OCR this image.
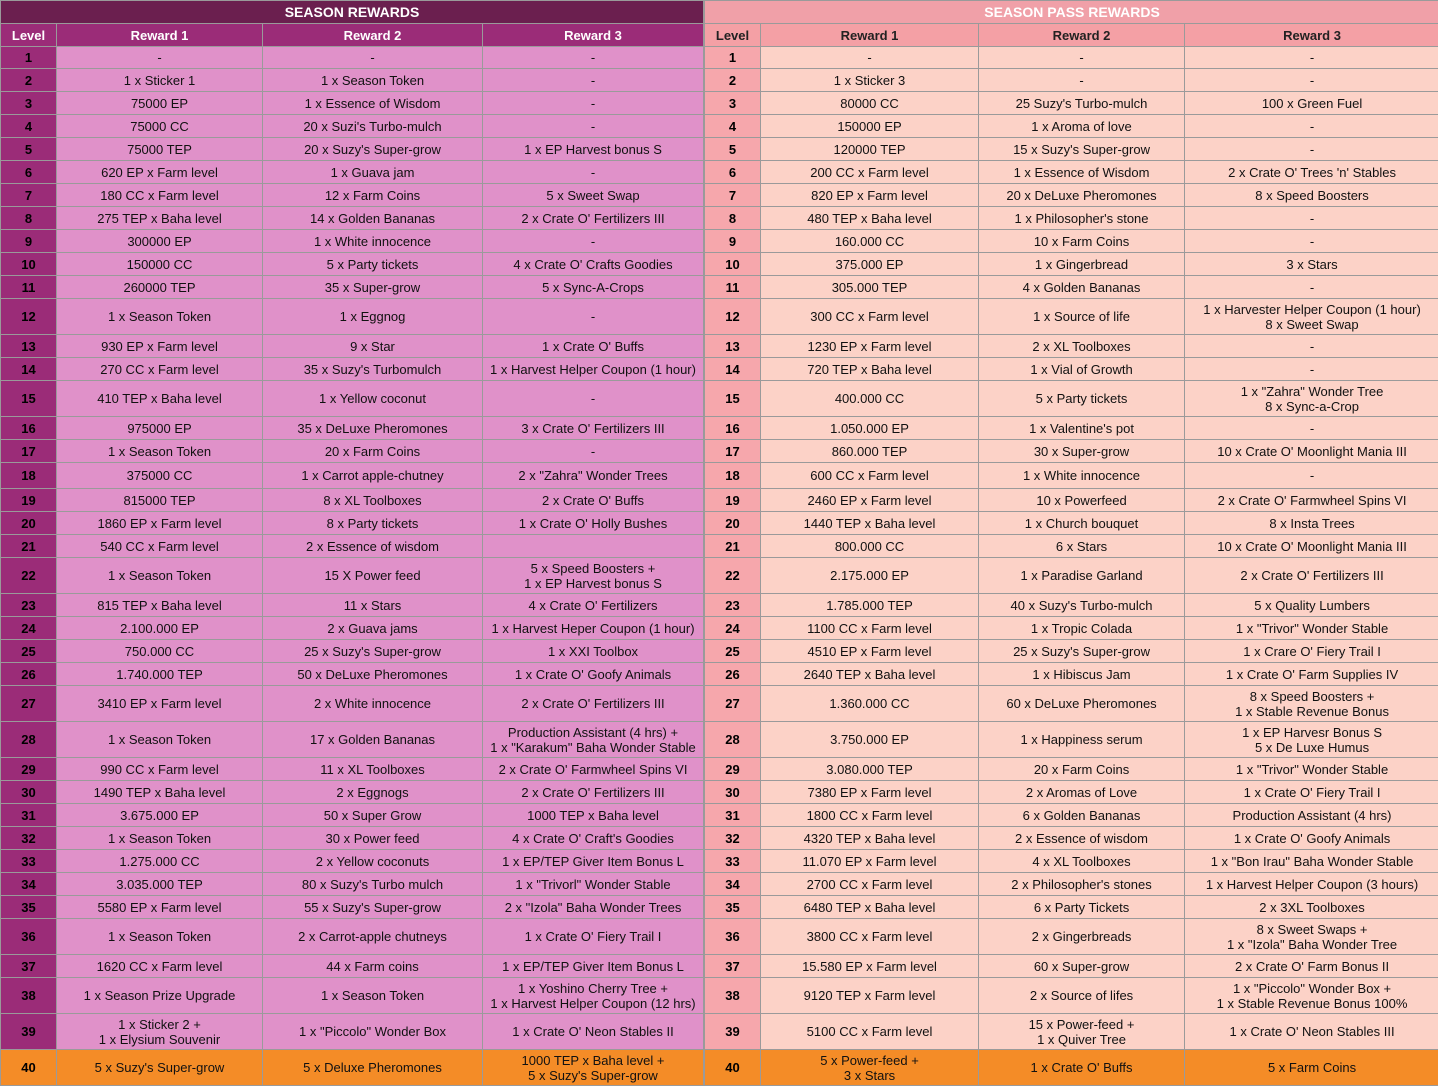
SEASON REWARDS			
Level	Reward 1	Reward 2	Reward 3
1	-	-	-
2	1 x Sticker 1	1 x Season Token	-
3	75000 EP	1 x Essence of Wisdom	-
4	75000 CC	20 x Suzi's Turbo-mulch	-
5	75000 TEP	20 x Suzy's Super-grow	1 x EP Harvest bonus S
6	620 EP x Farm level	1 x Guava jam	-
7	180 CC x Farm level	12 x Farm Coins	5 x Sweet Swap
8	275 TEP x Baha level	14 x Golden Bananas	2 x Crate O' Fertilizers III
9	300000 EP	1 x White innocence	-
10	150000 CC	5 x Party tickets	4 x Crate O' Crafts Goodies
11	260000 TEP	35 x Super-grow	5 x Sync-A-Crops
12	1 x Season Token	1 x Eggnog	-
13	930 EP x Farm level	9 x Star	1 x Crate O' Buffs
14	270 CC x Farm level	35 x Suzy's Turbomulch	1 x Harvest Helper Coupon (1 hour)
15	410 TEP x Baha level	1 x Yellow coconut	-
16	975000 EP	35 x DeLuxe Pheromones	3 x Crate O' Fertilizers III
17	1 x Season Token	20 x Farm Coins	-
18	375000 CC	1 x Carrot apple-chutney	2 x "Zahra" Wonder Trees
19	815000 TEP	8 x XL Toolboxes	2 x Crate O' Buffs
20	1860 EP x Farm level	8 x Party tickets	1 x Crate O' Holly Bushes
21	540 CC x Farm level	2 x Essence of wisdom	
22	1 x Season Token	15 X Power feed	5 x Speed Boosters +
1 x EP Harvest bonus S
23	815 TEP x Baha level	11 x Stars	4 x Crate O' Fertilizers
24	2.100.000 EP	2 x Guava jams	1 x Harvest Heper Coupon (1 hour)
25	750.000 CC	25 x Suzy's Super-grow	1 x XXI Toolbox
26	1.740.000 TEP	50 x DeLuxe Pheromones	1 x Crate O' Goofy Animals
27	3410 EP x Farm level	2 x White innocence	2 x Crate O' Fertilizers III
28	1 x Season Token	17 x Golden Bananas	Production Assistant (4 hrs) +
1 x "Karakum" Baha Wonder Stable
29	990 CC x Farm level	11 x XL Toolboxes	2 x Crate O' Farmwheel Spins VI
30	1490 TEP x Baha level	2 x Eggnogs	2 x Crate O' Fertilizers III
31	3.675.000 EP	50 x Super Grow	1000 TEP x Baha level
32	1 x Season Token	30 x Power feed	4 x Crate O' Craft's Goodies
33	1.275.000 CC	2 x Yellow coconuts	1 x EP/TEP Giver Item Bonus L
34	3.035.000 TEP	80 x Suzy's Turbo mulch	1 x "Trivorl" Wonder Stable
35	5580 EP x Farm level	55 x Suzy's Super-grow	2 x "Izola" Baha Wonder Trees
36	1 x Season Token	2 x Carrot-apple chutneys	1 x Crate O' Fiery Trail I
37	1620 CC x Farm level	44 x Farm coins	1 x EP/TEP Giver Item Bonus L
38	1 x Season Prize Upgrade	1 x Season Token	1 x Yoshino Cherry Tree +
1 x Harvest Helper Coupon (12 hrs)
39	1 x Sticker 2 +
1 x Elysium Souvenir	1 x "Piccolo" Wonder Box	1 x Crate O' Neon Stables II
40	5 x Suzy's Super-grow	5 x Deluxe Pheromones	1000 TEP x Baha level +
5 x Suzy's Super-grow
SEASON PASS REWARDS			
Level	Reward 1	Reward 2	Reward 3
1	-	-	-
2	1 x Sticker 3	-	-
3	80000 CC	25 Suzy's Turbo-mulch	100 x Green Fuel
4	150000 EP	1 x Aroma of love	-
5	120000 TEP	15 x Suzy's Super-grow	-
6	200 CC x Farm level	1 x Essence of Wisdom	2 x Crate O' Trees 'n' Stables
7	820 EP x Farm level	20 x DeLuxe Pheromones	8 x Speed Boosters
8	480 TEP x Baha level	1 x Philosopher's stone	-
9	160.000 CC	10 x Farm Coins	-
10	375.000 EP	1 x Gingerbread	3 x Stars
11	305.000 TEP	4 x Golden Bananas	-
12	300 CC x Farm level	1 x Source of life	1 x Harvester Helper Coupon (1 hour)
8 x Sweet Swap
13	1230 EP x Farm level	2 x XL Toolboxes	-
14	720 TEP x Baha level	1 x Vial of Growth	-
15	400.000 CC	5 x Party tickets	1 x "Zahra" Wonder Tree
8 x Sync-a-Crop
16	1.050.000 EP	1 x Valentine's pot	-
17	860.000 TEP	30 x Super-grow	10 x Crate O' Moonlight Mania III
18	600 CC x Farm level	1 x White innocence	-
19	2460 EP x Farm level	10 x Powerfeed	2 x Crate O' Farmwheel Spins VI
20	1440 TEP x Baha level	1 x Church bouquet	8 x Insta Trees
21	800.000 CC	6 x Stars	10 x Crate O' Moonlight Mania III
22	2.175.000 EP	1 x Paradise Garland	2 x Crate O' Fertilizers III
23	1.785.000 TEP	40 x Suzy's Turbo-mulch	5 x Quality Lumbers
24	1100 CC x Farm level	1 x Tropic Colada	1 x "Trivor" Wonder Stable
25	4510 EP x Farm level	25 x Suzy's Super-grow	1 x Crare O' Fiery Trail I
26	2640 TEP x Baha level	1 x Hibiscus Jam	1 x Crate O' Farm Supplies IV
27	1.360.000 CC	60 x DeLuxe Pheromones	8 x Speed Boosters +
1 x Stable Revenue Bonus
28	3.750.000 EP	1 x Happiness serum	1 x EP Harvesr Bonus S
5 x De Luxe Humus
29	3.080.000 TEP	20 x Farm Coins	1 x "Trivor" Wonder Stable
30	7380 EP x Farm level	2 x Aromas of Love	1 x Crate O' Fiery Trail I
31	1800 CC x Farm level	6 x Golden Bananas	Production Assistant (4 hrs)
32	4320 TEP x Baha level	2 x Essence of wisdom	1 x Crate O' Goofy Animals
33	11.070 EP x Farm level	4 x XL Toolboxes	1 x "Bon Irau" Baha Wonder Stable
34	2700 CC x Farm level	2 x Philosopher's stones	1 x Harvest Helper Coupon (3 hours)
35	6480 TEP x Baha level	6 x Party Tickets	2 x 3XL Toolboxes
36	3800 CC x Farm level	2 x Gingerbreads	8 x Sweet Swaps +
1 x "Izola" Baha Wonder Tree
37	15.580 EP x Farm level	60 x Super-grow	2 x Crate O' Farm Bonus II
38	9120 TEP x Farm level	2 x Source of lifes	1 x "Piccolo" Wonder Box +
1 x Stable Revenue Bonus 100%
39	5100 CC x Farm level	15 x Power-feed +
1 x Quiver Tree	1 x Crate O' Neon Stables III
40	5 x Power-feed +
3 x Stars	1 x Crate O' Buffs	5 x Farm Coins
